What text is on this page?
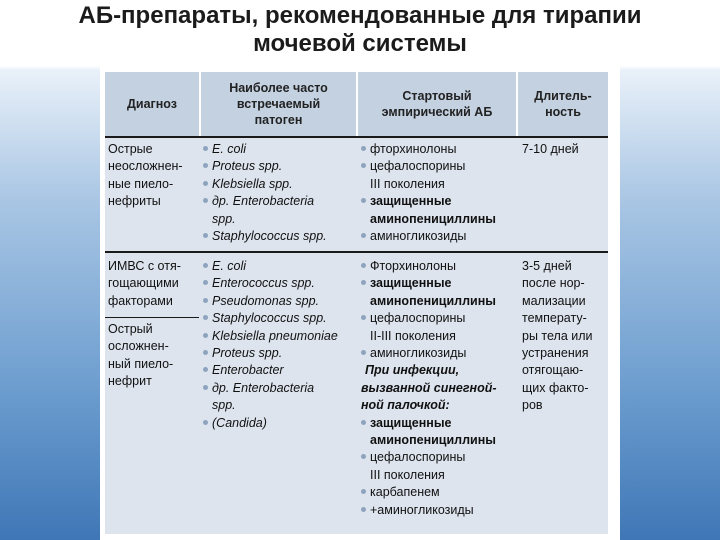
АБ-препараты, рекомендованные для тирапии
мочевой системы
Диагноз
Наиболее часто
встречаемый
патоген
Стартовый
эмпирический АБ
Длитель-
ность
Острые
неосложнен-
ные пиело-
нефриты
E. coli
Proteus spp.
Klebsiella spp.
др. Enterobacteria
spp.
Staphylococcus spp.
фторхинолоны
цефалоспорины
III поколения
защищенные
аминопенициллины
аминогликозиды
7-10 дней
ИМВС с отя-
гощающими
факторами
Острый
осложнен-
ный пиело-
нефрит
E. coli
Enterococcus spp.
Pseudomonas spp.
Staphylococcus spp.
Klebsiella pneumoniae
Proteus spp.
Enterobacter
др. Enterobacteria
spp.
(Candida)
Фторхинолоны
защищенные
аминопенициллины
цефалоспорины
II-III поколения
аминогликозиды
При инфекции,
вызванной синегной-
ной палочкой:
защищенные
аминопенициллины
цефалоспорины
III поколения
карбапенем
+аминогликозиды
3-5 дней
после нор-
мализации
температу-
ры тела или
устранения
отягощаю-
щих факто-
ров
